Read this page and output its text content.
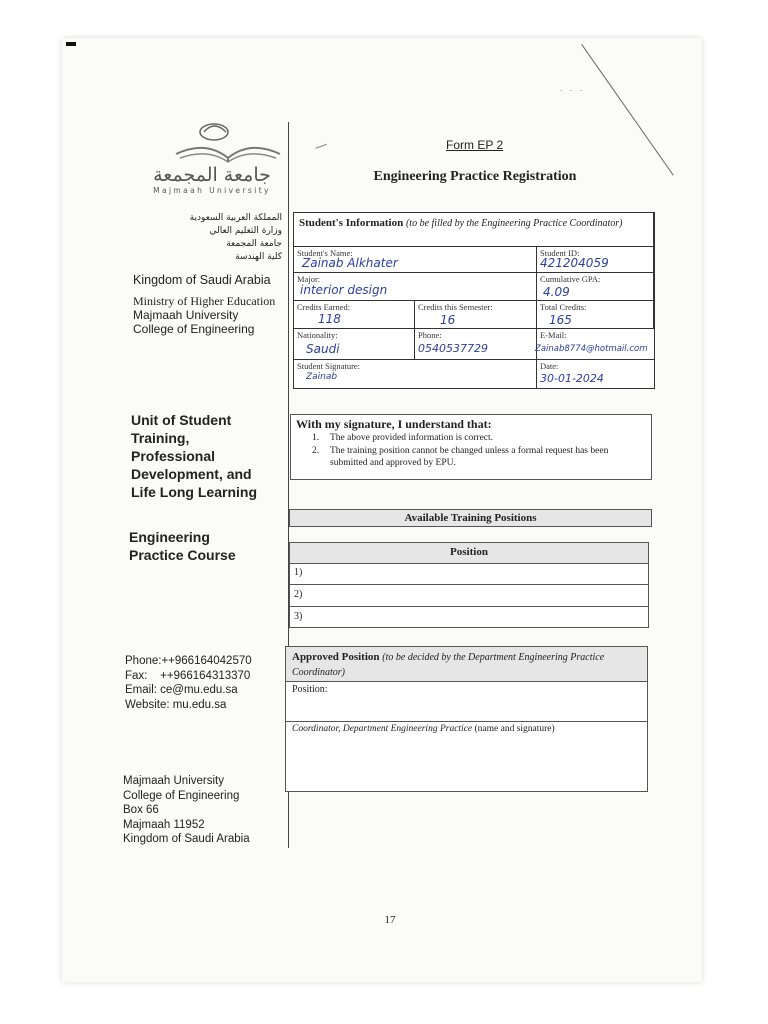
. . .
جامعة المجمعة
Majmaah University
المملكة العربية السعودية
وزارة التعليم العالي
جامعة المجمعة
كلية الهندسة
Kingdom of Saudi Arabia
Ministry of Higher Education
Majmaah University
College of Engineering
Unit of Student
Training,
Professional
Development, and
Life Long Learning
Engineering
Practice Course
Phone:++966164042570
Fax:    ++966164313370
Email: ce@mu.edu.sa
Website: mu.edu.sa
Majmaah University
College of Engineering
Box 66
Majmaah 11952
Kingdom of Saudi Arabia
Form EP 2
Engineering Practice Registration
Student's Information (to be filled by the Engineering Practice Coordinator)
Student's Name:
Zainab Alkhater
Student ID:
421204059
Major:
interior design
Cumulative GPA:
4.09
Credits Earned:
118
Credits this Semester:
16
Total Credits:
165
Nationality:
Saudi
Phone:
0540537729
E-Mail:
Zainab8774@hotmail.com
Student Signature:
Zainab
Date:
30-01-2024
With my signature, I understand that:
1. The above provided information is correct.
2.	The training position cannot be changed unless a formal request has been submitted and approved by EPU.
Available Training Positions
Position
1)
2)
3)
Approved Position (to be decided by the Department Engineering Practice Coordinator)
Position:
Coordinator, Department Engineering Practice (name and signature)
17
